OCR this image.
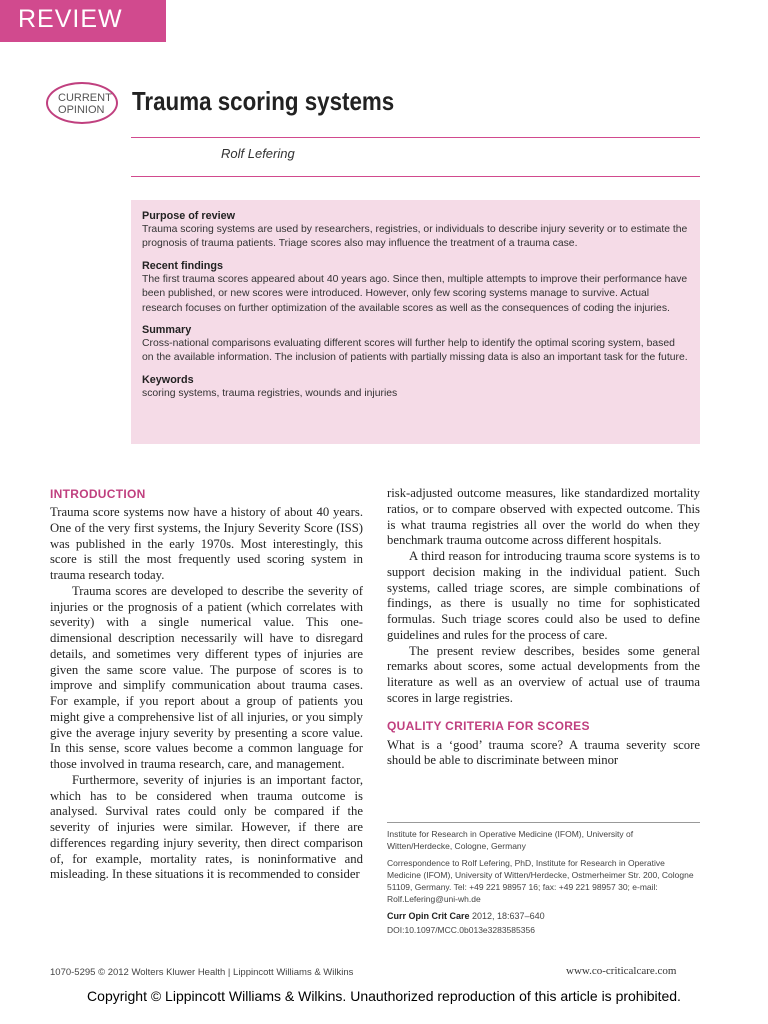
REVIEW
CURRENT
OPINION Trauma scoring systems
Rolf Lefering
Purpose of review

Trauma scoring systems are used by researchers, registries, or individuals to describe injury severity or to estimate the prognosis of trauma patients. Triage scores also may influence the treatment of a trauma case.

Recent findings

The first trauma scores appeared about 40 years ago. Since then, multiple attempts to improve their performance have been published, or new scores were introduced. However, only few scoring systems manage to survive. Actual research focuses on further optimization of the available scores as well as the consequences of coding the injuries.

Summary

Cross-national comparisons evaluating different scores will further help to identify the optimal scoring system, based on the available information. The inclusion of patients with partially missing data is also an important task for the future.

Keywords

scoring systems, trauma registries, wounds and injuries

INTRODUCTION

Trauma score systems now have a history of about 40 years. One of the very first systems, the Injury Severity Score (ISS) was published in the early 1970s. Most interestingly, this score is still the most frequently used scoring system in trauma research today.

Trauma scores are developed to describe the severity of injuries or the prognosis of a patient (which correlates with severity) with a single numerical value. This one-dimensional description necessarily will have to disregard details, and sometimes very different types of injuries are given the same score value. The purpose of scores is to improve and simplify communication about trauma cases. For example, if you report about a group of patients you might give a comprehensive list of all injuries, or you simply give the average injury severity by presenting a score value. In this sense, score values become a common language for those involved in trauma research, care, and management.

Furthermore, severity of injuries is an important factor, which has to be considered when trauma outcome is analysed. Survival rates could only be compared if the severity of injuries were similar. However, if there are differences regarding injury severity, then direct comparison of, for example, mortality rates, is noninformative and misleading. In these situations it is recommended to consider

risk-adjusted outcome measures, like standardized mortality ratios, or to compare observed with expected outcome. This is what trauma registries all over the world do when they benchmark trauma outcome across different hospitals.

A third reason for introducing trauma score systems is to support decision making in the individual patient. Such systems, called triage scores, are simple combinations of findings, as there is usually no time for sophisticated formulas. Such triage scores could also be used to define guidelines and rules for the process of care.

The present review describes, besides some general remarks about scores, some actual developments from the literature as well as an overview of actual use of trauma scores in large registries.

QUALITY CRITERIA FOR SCORES

What is a ‘good’ trauma score? A trauma severity score should be able to discriminate between minor

Institute for Research in Operative Medicine (IFOM), University of Witten/Herdecke, Cologne, Germany

Correspondence to Rolf Lefering, PhD, Institute for Research in Operative Medicine (IFOM), University of Witten/Herdecke, Ostmerheimer Str. 200, Cologne 51109, Germany. Tel: +49 221 98957 16; fax: +49 221 98957 30; e-mail: Rolf.Lefering@uni-wh.de

Curr Opin Crit Care 2012, 18:637–640

DOI:10.1097/MCC.0b013e3283585356

1070-5295 © 2012 Wolters Kluwer Health | Lippincott Williams & Wilkins	www.co-criticalcare.com
Copyright © Lippincott Williams & Wilkins. Unauthorized reproduction of this article is prohibited.
